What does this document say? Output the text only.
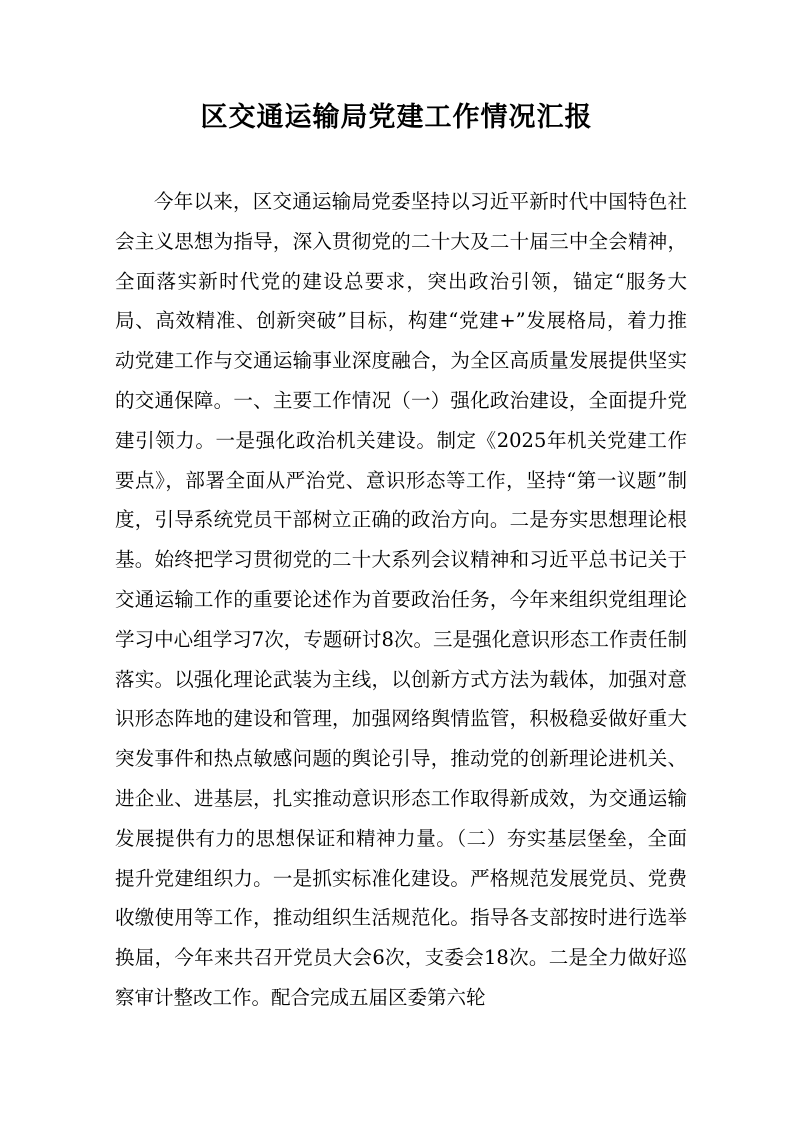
区交通运输局党建工作情况汇报

今年以来，区交通运输局党委坚持以习近平新时代中国特色社会主义思想为指导，深入贯彻党的二十大及二十届三中全会精神，全面落实新时代党的建设总要求，突出政治引领，锚定“服务大局、高效精准、创新突破”目标，构建“党建+”发展格局，着力推动党建工作与交通运输事业深度融合，为全区高质量发展提供坚实的交通保障。一、主要工作情况（一）强化政治建设，全面提升党建引领力。一是强化政治机关建设。制定《2025年机关党建工作要点》，部署全面从严治党、意识形态等工作，坚持“第一议题”制度，引导系统党员干部树立正确的政治方向。二是夯实思想理论根基。始终把学习贯彻党的二十大系列会议精神和习近平总书记关于交通运输工作的重要论述作为首要政治任务，今年来组织党组理论学习中心组学习7次，专题研讨8次。三是强化意识形态工作责任制落实。以强化理论武装为主线，以创新方式方法为载体，加强对意识形态阵地的建设和管理，加强网络舆情监管，积极稳妥做好重大突发事件和热点敏感问题的舆论引导，推动党的创新理论进机关、进企业、进基层，扎实推动意识形态工作取得新成效，为交通运输发展提供有力的思想保证和精神力量。（二）夯实基层堡垒，全面提升党建组织力。一是抓实标准化建设。严格规范发展党员、党费收缴使用等工作，推动组织生活规范化。指导各支部按时进行选举换届，今年来共召开党员大会6次，支委会18次。二是全力做好巡察审计整改工作。配合完成五届区委第六轮
